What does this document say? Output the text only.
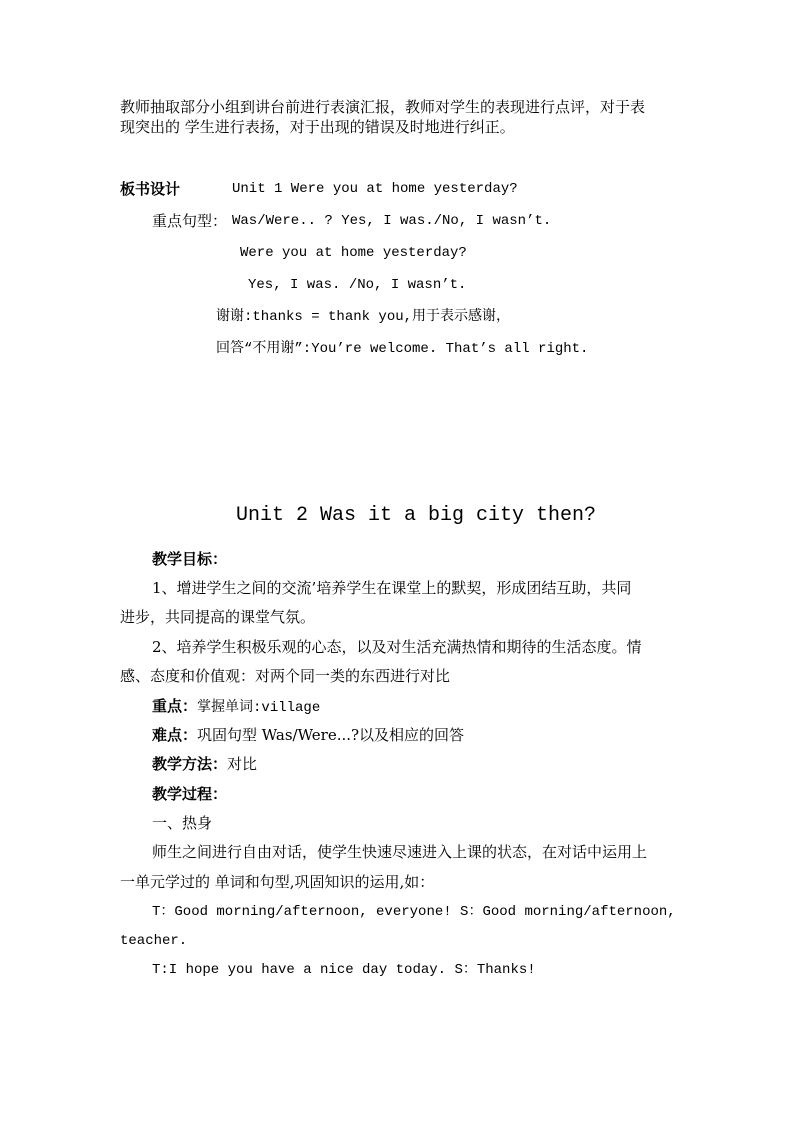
教师抽取部分小组到讲台前进行表演汇报，教师对学生的表现进行点评，对于表
现突出的 学生进行表扬，对于出现的错误及时地进行纠正。
板书设计	Unit 1 Were you at home yesterday?
重点句型： Was/Were.. ? Yes, I was./No, I wasn’t.
Were you at home yesterday?
Yes, I was. /No, I wasn’t.
谢谢:thanks = thank you,用于表示感谢，
回答“不用谢”:You’re welcome. That’s all right.
Unit 2 Was it a big city then?
教学目标：
1、增进学生之间的交流’培养学生在课堂上的默契，形成团结互助，共同
进步，共同提高的课堂气氛。
2、培养学生积极乐观的心态，以及对生活充满热情和期待的生活态度。情
感、态度和价值观：对两个同一类的东西进行对比
重点：掌握单词:village
难点：巩固句型 Was/Were...?以及相应的回答
教学方法：对比
教学过程：
一、热身
师生之间进行自由对话，使学生快速尽速进入上课的状态，在对话中运用上
一单元学过的 单词和句型,巩固知识的运用,如：
T：Good morning/afternoon, everyone! S：Good morning/afternoon,
teacher.
T:I hope you have a nice day today. S：Thanks!
